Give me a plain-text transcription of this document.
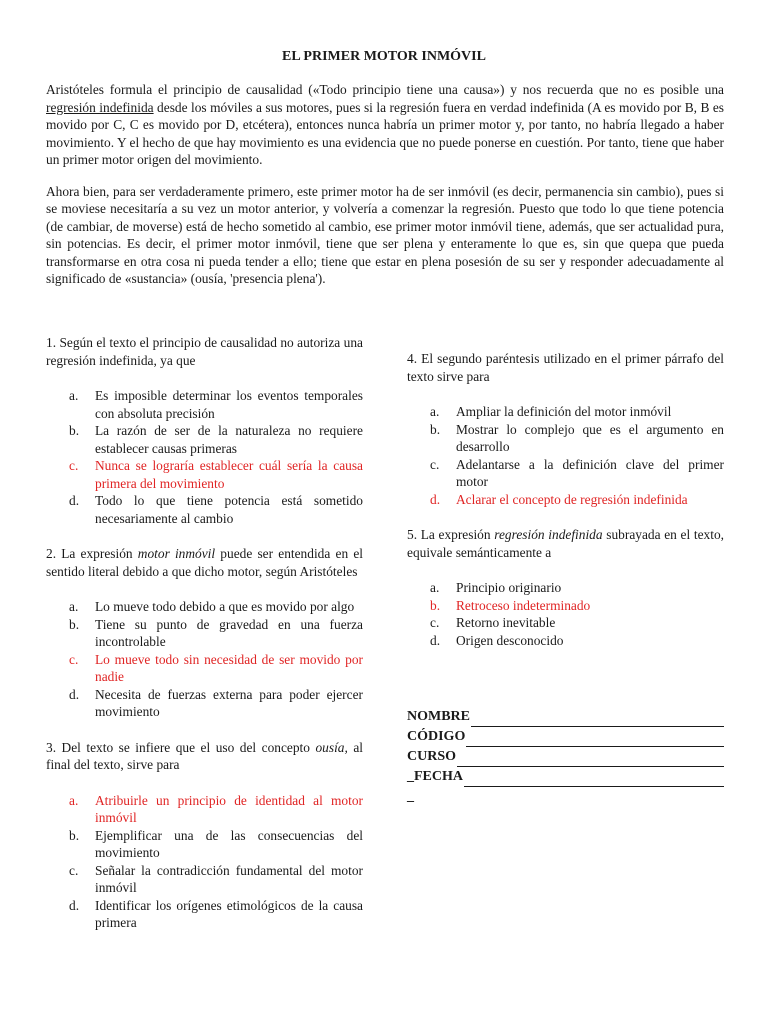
EL PRIMER MOTOR INMÓVIL

Aristóteles formula el principio de causalidad («Todo principio tiene una causa») y nos recuerda que no es posible una regresión indefinida desde los móviles a sus motores, pues si la regresión fuera en verdad indefinida (A es movido por B, B es movido por C, C es movido por D, etcétera), entonces nunca habría un primer motor y, por tanto, no habría llegado a haber movimiento. Y el hecho de que hay movimiento es una evidencia que no puede ponerse en cuestión. Por tanto, tiene que haber un primer motor origen del movimiento.

Ahora bien, para ser verdaderamente primero, este primer motor ha de ser inmóvil (es decir, permanencia sin cambio), pues si se moviese necesitaría a su vez un motor anterior, y volvería a comenzar la regresión. Puesto que todo lo que tiene potencia (de cambiar, de moverse) está de hecho sometido al cambio, ese primer motor inmóvil tiene, además, que ser actualidad pura, sin potencias. Es decir, el primer motor inmóvil, tiene que ser plena y enteramente lo que es, sin que quepa que pueda transformarse en otra cosa ni pueda tender a ello; tiene que estar en plena posesión de su ser y responder adecuadamente al significado de «sustancia» (ousía, 'presencia plena').

1. Según el texto el principio de causalidad no autoriza una regresión indefinida, ya que
a.	Es imposible determinar los eventos temporales con absoluta precisión
b.	La razón de ser de la naturaleza no requiere establecer causas primeras
c.	Nunca se lograría establecer cuál sería la causa primera del movimiento
d.	Todo lo que tiene potencia está sometido necesariamente al cambio
2. La expresión motor inmóvil puede ser entendida en el sentido literal debido a que dicho motor, según Aristóteles
a.	Lo mueve todo debido a que es movido por algo
b.	Tiene su punto de gravedad en una fuerza incontrolable
c.	Lo mueve todo sin necesidad de ser movido por nadie
d.	Necesita de fuerzas externa para poder ejercer movimiento
3. Del texto se infiere que el uso del concepto ousía, al final del texto, sirve para
a.	Atribuirle un principio de identidad al motor inmóvil
b.	Ejemplificar una de las consecuencias del movimiento
c.	Señalar la contradicción fundamental del motor inmóvil
d.	Identificar los orígenes etimológicos de la causa primera
4. El segundo paréntesis utilizado en el primer párrafo del texto sirve para
a.	Ampliar la definición del motor inmóvil
b.	Mostrar lo complejo que es el argumento en desarrollo
c.	Adelantarse a la definición clave del primer motor
d.	Aclarar el concepto de regresión indefinida
5. La expresión regresión indefinida subrayada en el texto, equivale semánticamente a
a.	Principio originario
b.	Retroceso indeterminado
c.	Retorno inevitable
d.	Origen desconocido
NOMBRE
CÓDIGO
CURSO
_FECHA
_
